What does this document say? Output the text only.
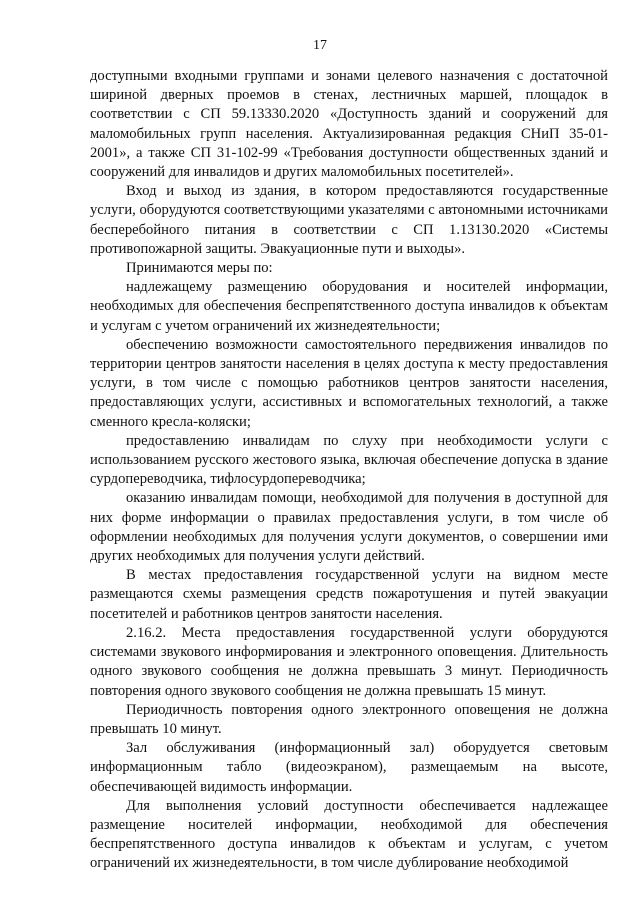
17

доступными входными группами и зонами целевого назначения с достаточной шириной дверных проемов в стенах, лестничных маршей, площадок в соответствии с СП 59.13330.2020 «Доступность зданий и сооружений для маломобильных групп населения. Актуализированная редакция СНиП 35-01-2001», а также СП 31-102-99 «Требования доступности общественных зданий и сооружений для инвалидов и других маломобильных посетителей».

Вход и выход из здания, в котором предоставляются государственные услуги, оборудуются соответствующими указателями с автономными источниками бесперебойного питания в соответствии с СП 1.13130.2020 «Системы противопожарной защиты. Эвакуационные пути и выходы».

Принимаются меры по:

надлежащему размещению оборудования и носителей информации, необходимых для обеспечения беспрепятственного доступа инвалидов к объектам и услугам с учетом ограничений их жизнедеятельности;

обеспечению возможности самостоятельного передвижения инвалидов по территории центров занятости населения в целях доступа к месту предоставления услуги, в том числе с помощью работников центров занятости населения, предоставляющих услуги, ассистивных и вспомогательных технологий, а также сменного кресла-коляски;

предоставлению инвалидам по слуху при необходимости услуги с использованием русского жестового языка, включая обеспечение допуска в здание сурдопереводчика, тифлосурдопереводчика;

оказанию инвалидам помощи, необходимой для получения в доступной для них форме информации о правилах предоставления услуги, в том числе об оформлении необходимых для получения услуги документов, о совершении ими других необходимых для получения услуги действий.

В местах предоставления государственной услуги на видном месте размещаются схемы размещения средств пожаротушения и путей эвакуации посетителей и работников центров занятости населения.

2.16.2. Места предоставления государственной услуги оборудуются системами звукового информирования и электронного оповещения. Длительность одного звукового сообщения не должна превышать 3 минут. Периодичность повторения одного звукового сообщения не должна превышать 15 минут.

Периодичность повторения одного электронного оповещения не должна превышать 10 минут.

Зал обслуживания (информационный зал) оборудуется световым информационным табло (видеоэкраном), размещаемым на высоте, обеспечивающей видимость информации.

Для выполнения условий доступности обеспечивается надлежащее размещение носителей информации, необходимой для обеспечения беспрепятственного доступа инвалидов к объектам и услугам, с учетом ограничений их жизнедеятельности, в том числе дублирование необходимой
